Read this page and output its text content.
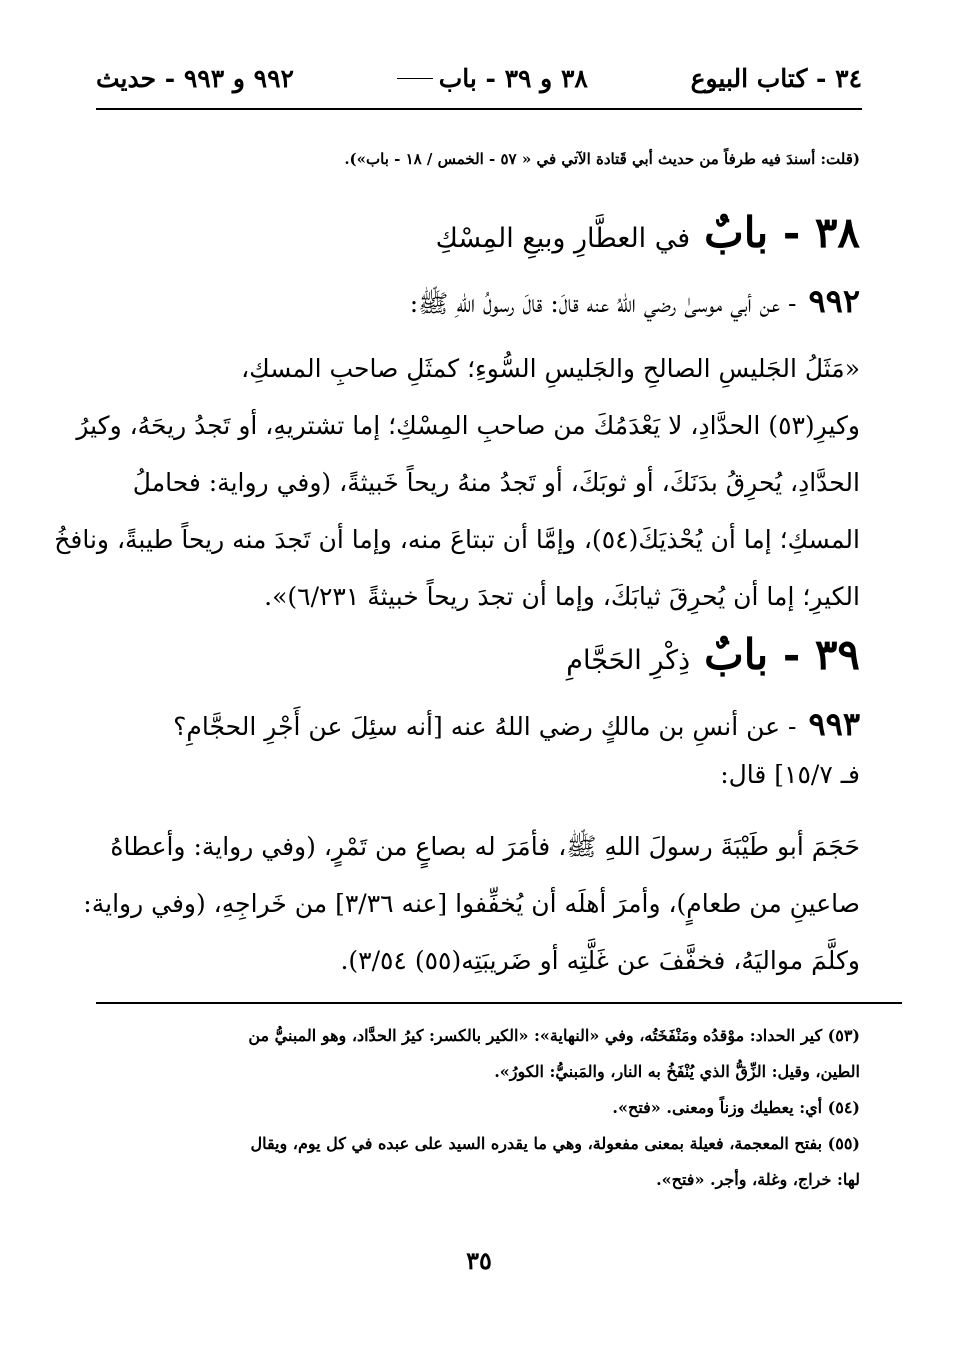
٣٤ - كتاب البيوع
٣٨ و ٣٩ - باب
٩٩٢ و ٩٩٣ - حديث
(قلت: أسندَ فيه طرفاً من حديث أبي قَتادة الآتي في « ٥٧ - الخمس / ١٨ - باب»).
٣٨ - بابٌ
في العطَّارِ وبيعِ المِسْكِ
٩٩٢
- عن أبي موسىٰ رضي اللهُ عنه قالَ: قالَ رسولُ اللهِ ﷺ:
«مَثَلُ الجَليسِ الصالحِ والجَليسِ السُّوءِ؛ كمثَلِ صاحبِ المسكِ،
وكيرِ(٥٣) الحدَّادِ، لا يَعْدَمُكَ من صاحبِ المِسْكِ؛ إما تشتريهِ، أو تَجدُ ريحَهُ، وكيرُ
الحدَّادِ، يُحرِقُ بدَنَكَ، أو ثوبَكَ، أو تَجدُ منهُ ريحاً خَبيثةً، (وفي رواية: فحاملُ
المسكِ؛ إما أن يُحْذيَكَ(٥٤)، وإمَّا أن تبتاعَ منه، وإما أن تَجدَ منه ريحاً طيبةً، ونافخُ
الكيرِ؛ إما أن يُحرِقَ ثيابَكَ، وإما أن تجدَ ريحاً خبيثةً ٦/٢٣١)».
٣٩ - بابٌ
ذِكْرِ الحَجَّامِ
٩٩٣
- عن أنسِ بن مالكٍ رضي اللهُ عنه [أنه سئِلَ عن أَجْرِ الحجَّامِ؟
فـ ١٥/٧] قال:
حَجَمَ أبو طَيْبَةَ رسولَ اللهِ ﷺ، فأمَرَ له بصاعٍ من تَمْرٍ، (وفي رواية: وأعطاهُ
صاعينِ من طعامٍ)، وأمرَ أهلَه أن يُخفِّفوا [عنه ٣/٣٦] من خَراجِهِ، (وفي رواية:
وكلَّمَ مواليَهُ، فخفَّفَ عن غَلَّتِه أو ضَريبَتِه(٥٥) ٣/٥٤).
(٥٣) كير الحداد: موْقدُه ومَنْفَخَتُه، وفي «النهاية»: «الكير بالكسر: كيرُ الحدَّاد، وهو المبنيُّ من
الطين، وقيل: الزِّقُّ الذي يُنْفَخُ به النار، والمَبنيُّ: الكورُ».
(٥٤) أي: يعطيك وزناً ومعنى. «فتح».
(٥٥) بفتح المعجمة، فعيلة بمعنى مفعولة، وهي ما يقدره السيد على عبده في كل يوم، ويقال
لها: خراج، وغلة، وأجر. «فتح».
٣٥
